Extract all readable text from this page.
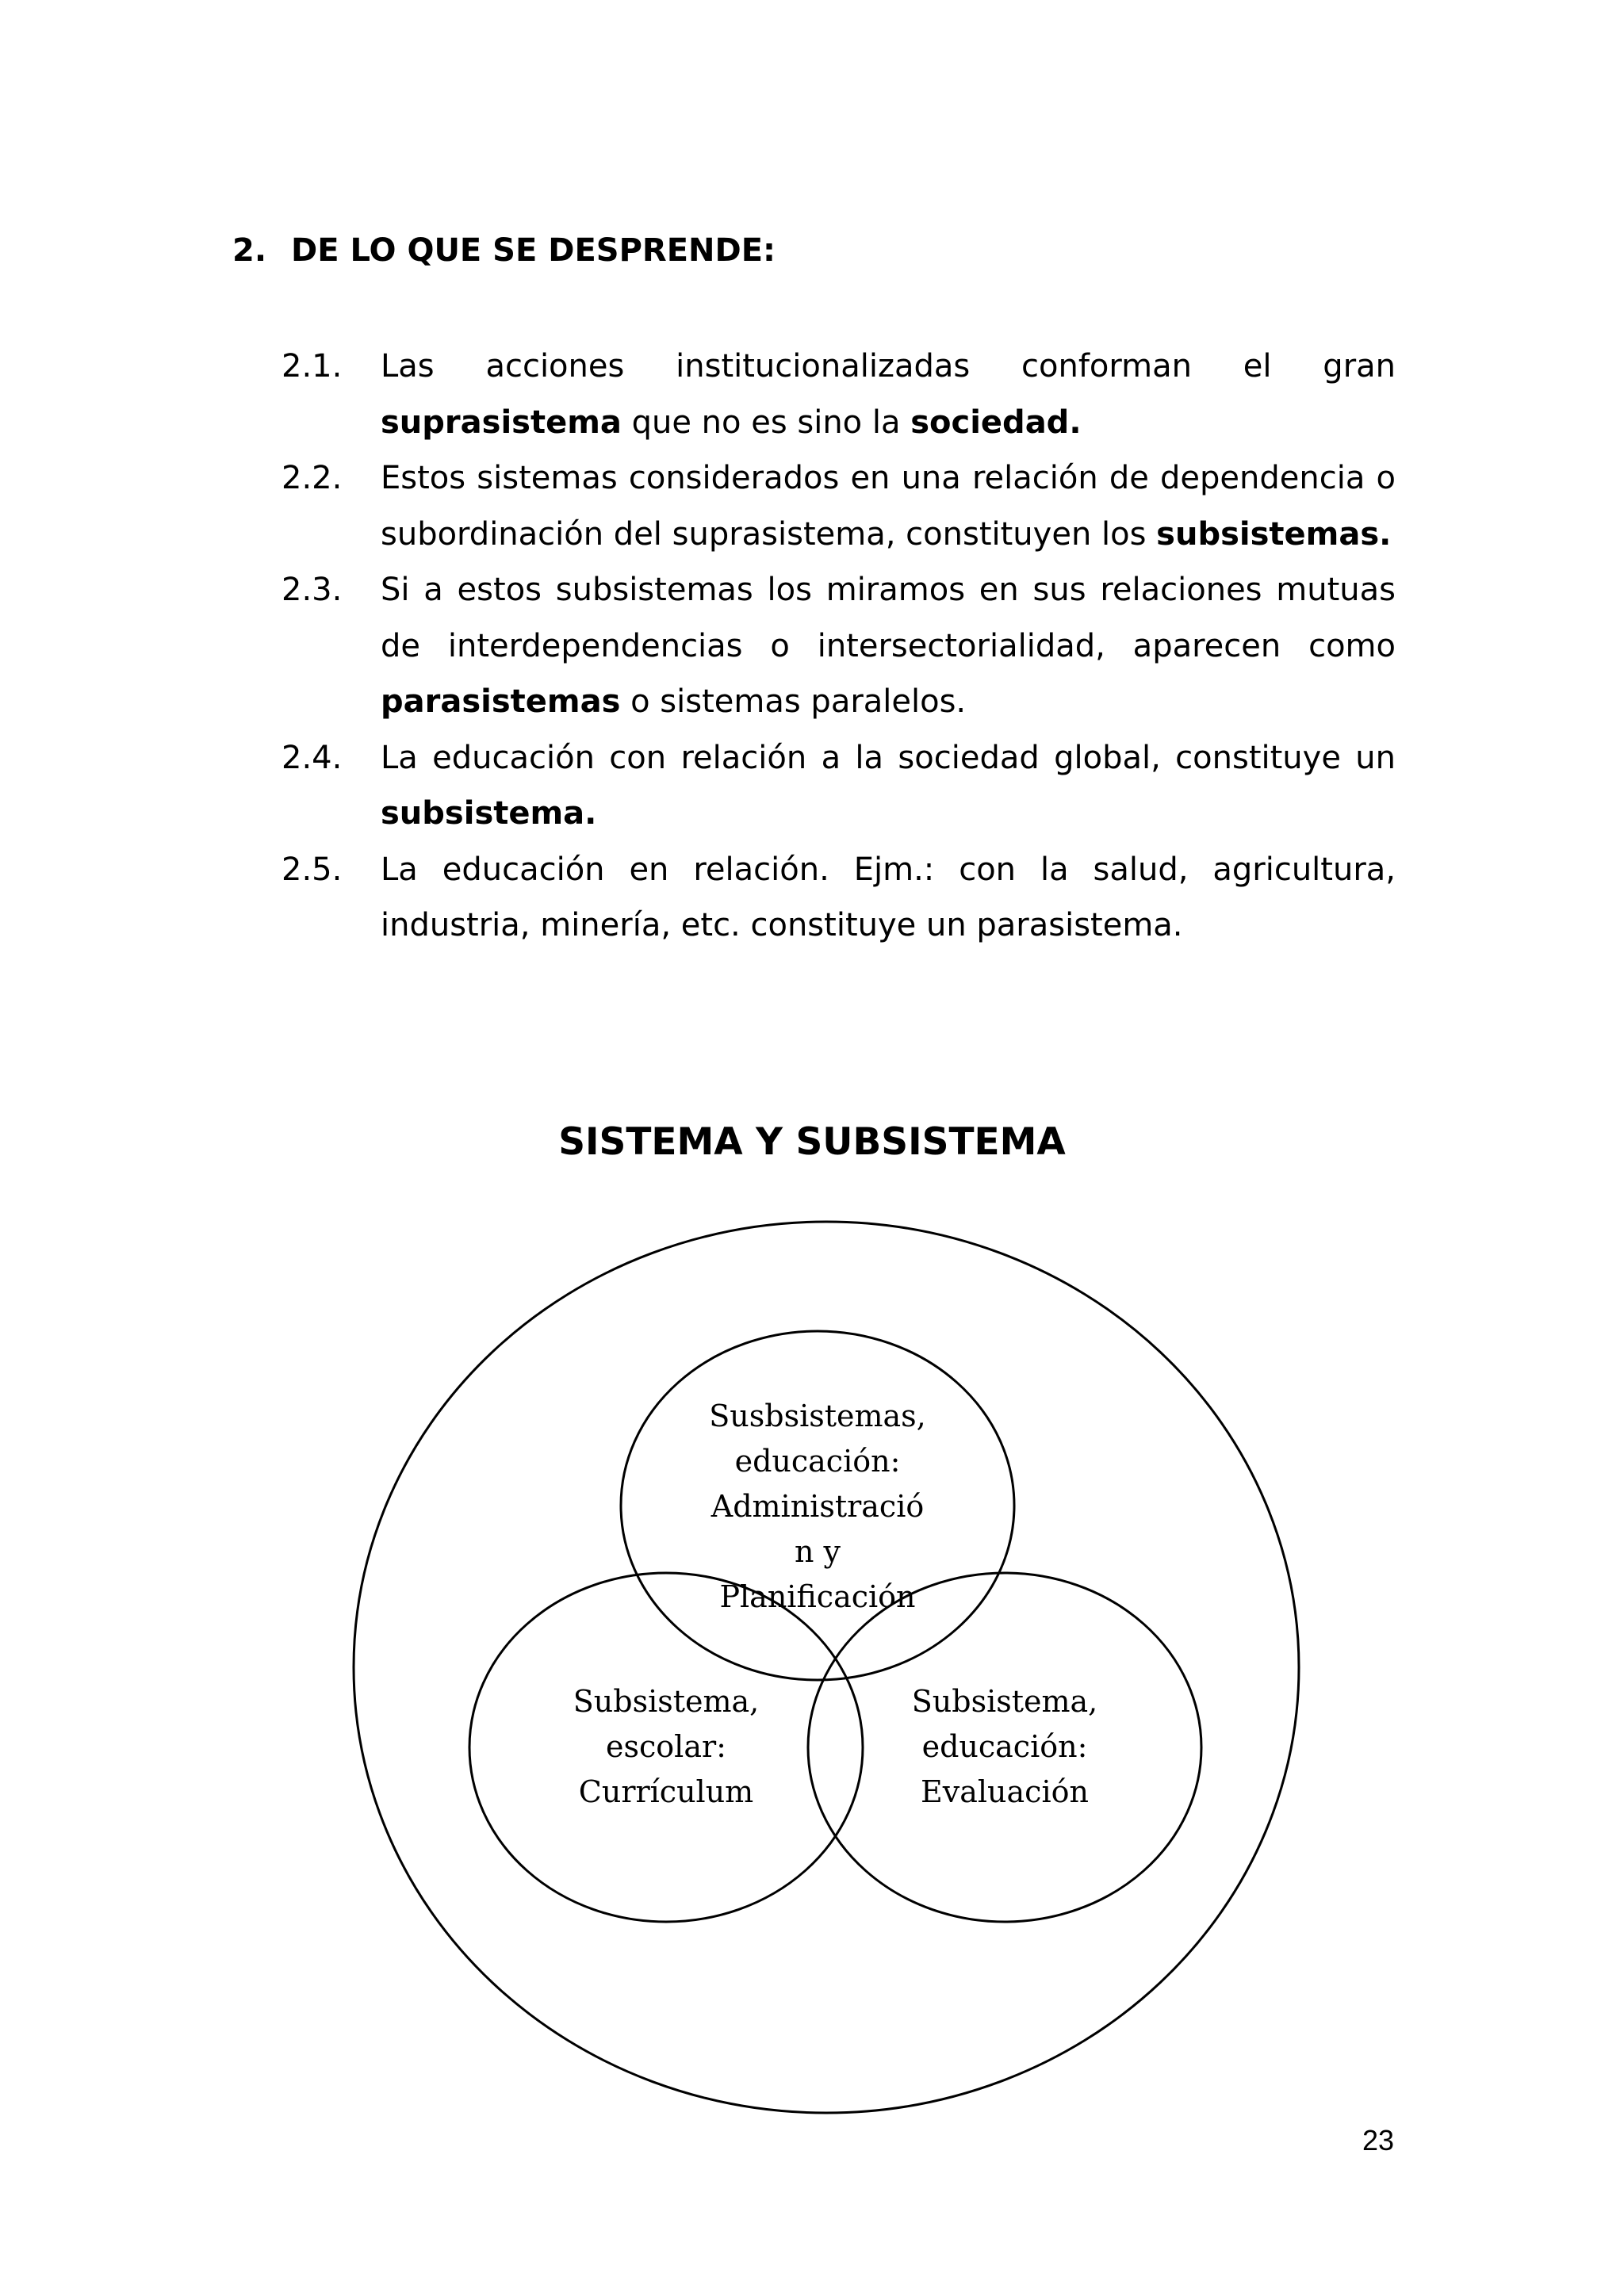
2. DE LO QUE SE DESPRENDE:
2.1. Las acciones institucionalizadas conforman el gran suprasistema que no es sino la sociedad.

2.2. Estos sistemas considerados en una relación de dependencia o subordinación del suprasistema, constituyen los subsistemas.

2.3. Si a estos subsistemas los miramos en sus relaciones mutuas de interdependencias o intersectorialidad, aparecen como parasistemas o sistemas paralelos.

2.4. La educación con relación a la sociedad global, constituye un subsistema.

2.5. La educación en relación. Ejm.: con la salud, agricultura, industria, minería, etc. constituye un parasistema.

SISTEMA Y SUBSISTEMA
Susbsistemas,
educación:
Administració
n y
Planificación
Subsistema,
escolar:
Currículum
Subsistema,
educación:
Evaluación
23
